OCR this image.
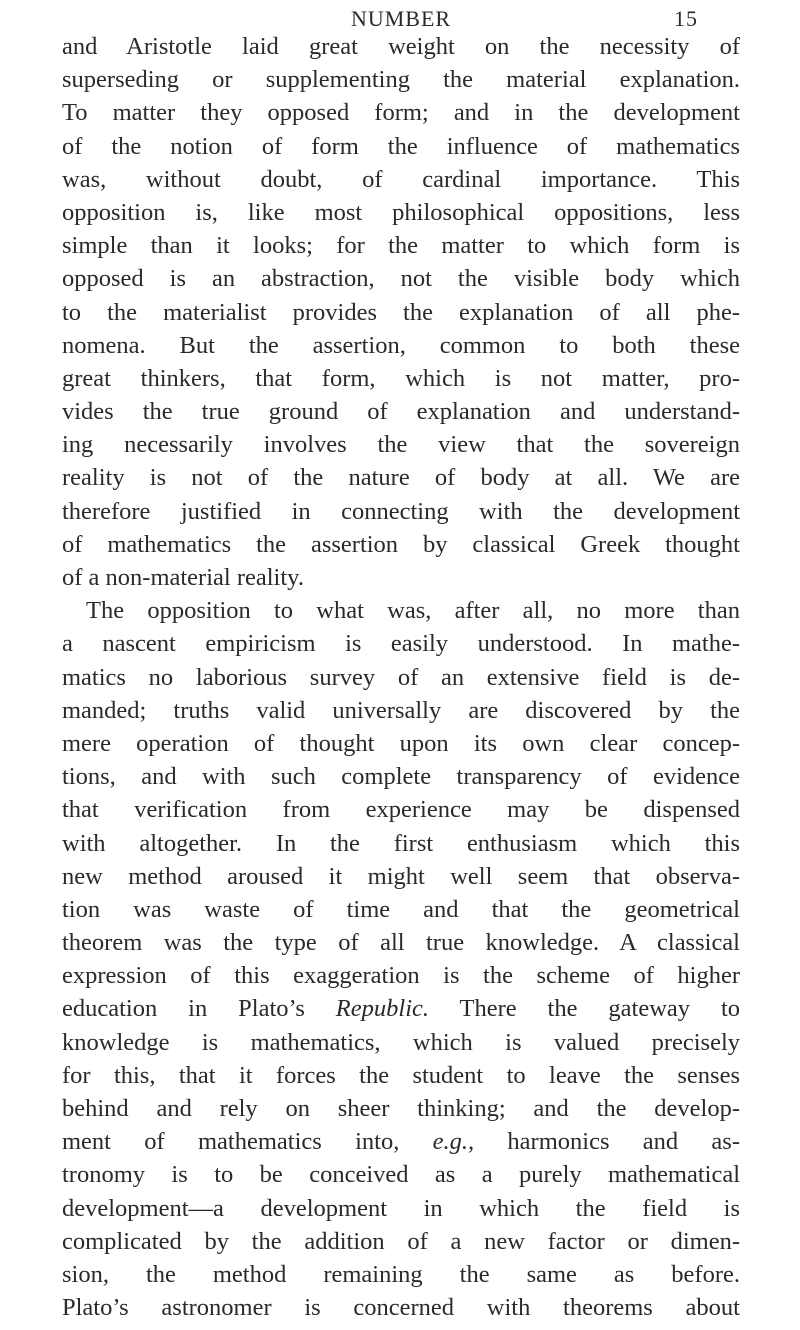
NUMBER	15
and Aristotle laid great weight on the necessity of
superseding or supplementing the material explanation.
To matter they opposed form; and in the development
of the notion of form the influence of mathematics
was, without doubt, of cardinal importance. This
opposition is, like most philosophical oppositions, less
simple than it looks; for the matter to which form is
opposed is an abstraction, not the visible body which
to the materialist provides the explanation of all phe-
nomena. But the assertion, common to both these
great thinkers, that form, which is not matter, pro-
vides the true ground of explanation and understand-
ing necessarily involves the view that the sovereign
reality is not of the nature of body at all. We are
therefore justified in connecting with the development
of mathematics the assertion by classical Greek thought
of a non-material reality.
The opposition to what was, after all, no more than
a nascent empiricism is easily understood. In mathe-
matics no laborious survey of an extensive field is de-
manded; truths valid universally are discovered by the
mere operation of thought upon its own clear concep-
tions, and with such complete transparency of evidence
that verification from experience may be dispensed
with altogether. In the first enthusiasm which this
new method aroused it might well seem that observa-
tion was waste of time and that the geometrical
theorem was the type of all true knowledge. A classical
expression of this exaggeration is the scheme of higher
education in Plato’s Republic. There the gateway to
knowledge is mathematics, which is valued precisely
for this, that it forces the student to leave the senses
behind and rely on sheer thinking; and the develop-
ment of mathematics into, e.g., harmonics and as-
tronomy is to be conceived as a purely mathematical
development—a development in which the field is
complicated by the addition of a new factor or dimen-
sion, the method remaining the same as before.
Plato’s astronomer is concerned with theorems about
